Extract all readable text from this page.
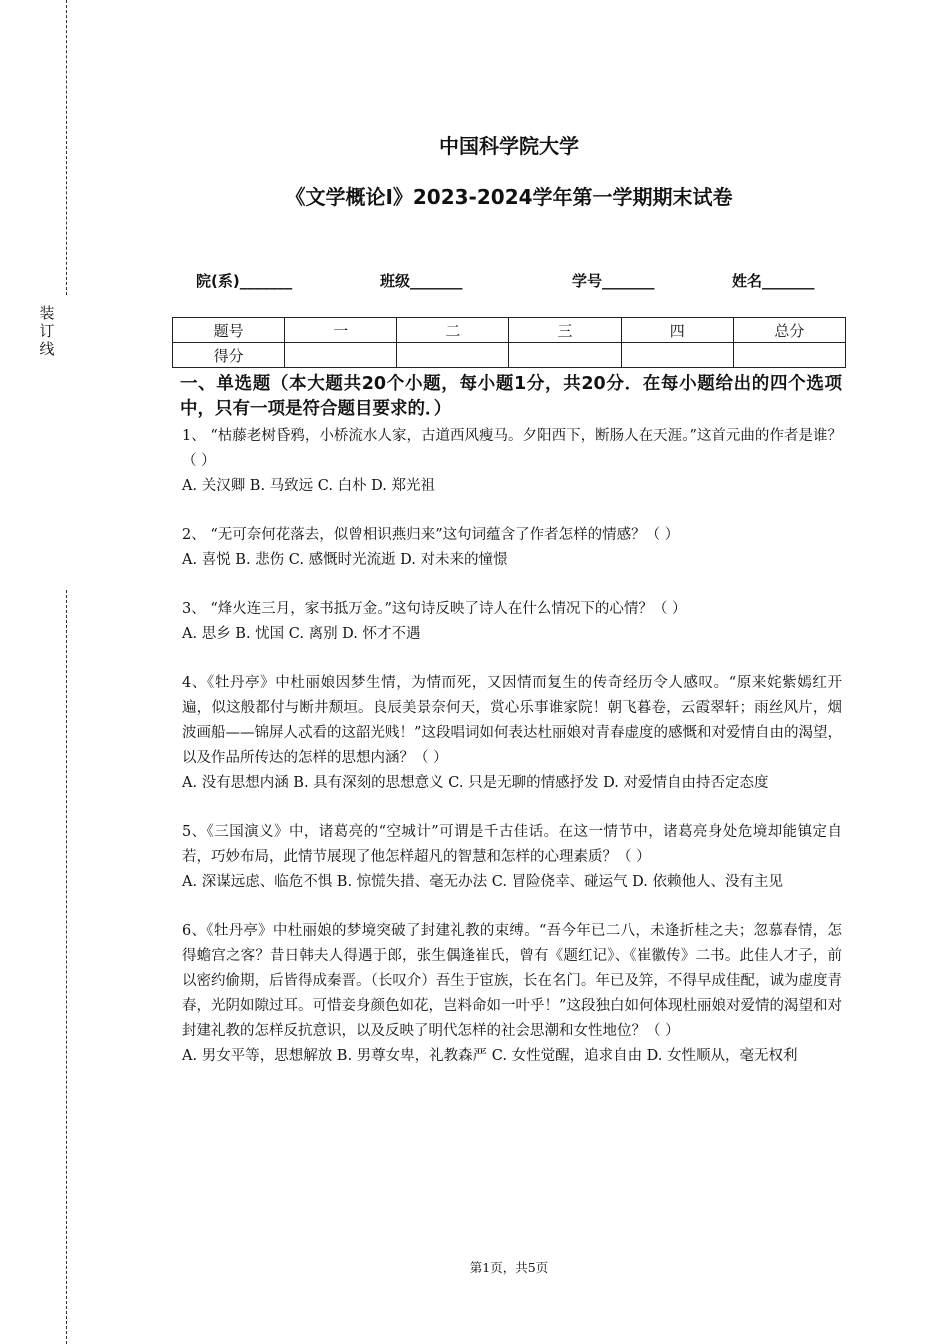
装
订
线
中国科学院大学
《文学概论Ⅰ》2023-2024学年第一学期期末试卷
院(系)_______	班级_______	学号_______	姓名_______
题号	一	二	三	四	总分
得分					
一、单选题（本大题共20个小题，每小题1分，共20分．在每小题给出的四个选项中，只有一项是符合题目要求的．）

1、 “枯藤老树昏鸦，小桥流水人家，古道西风瘦马。夕阳西下，断肠人在天涯。”这首元曲的作者是谁？（ ）

A. 关汉卿 B. 马致远 C. 白朴 D. 郑光祖

2、 “无可奈何花落去，似曾相识燕归来”这句词蕴含了作者怎样的情感？（ ）

A. 喜悦 B. 悲伤 C. 感慨时光流逝 D. 对未来的憧憬

3、 “烽火连三月，家书抵万金。”这句诗反映了诗人在什么情况下的心情？（ ）

A. 思乡 B. 忧国 C. 离别 D. 怀才不遇

4、《牡丹亭》中杜丽娘因梦生情，为情而死，又因情而复生的传奇经历令人感叹。“原来姹紫嫣红开遍，似这般都付与断井颓垣。良辰美景奈何天，赏心乐事谁家院！朝飞暮卷，云霞翠轩；雨丝风片，烟波画船——锦屏人忒看的这韶光贱！”这段唱词如何表达杜丽娘对青春虚度的感慨和对爱情自由的渴望，以及作品所传达的怎样的思想内涵？（ ）

A. 没有思想内涵 B. 具有深刻的思想意义 C. 只是无聊的情感抒发 D. 对爱情自由持否定态度

5、《三国演义》中，诸葛亮的“空城计”可谓是千古佳话。在这一情节中，诸葛亮身处危境却能镇定自若，巧妙布局，此情节展现了他怎样超凡的智慧和怎样的心理素质？（ ）

A. 深谋远虑、临危不惧 B. 惊慌失措、毫无办法 C. 冒险侥幸、碰运气 D. 依赖他人、没有主见

6、《牡丹亭》中杜丽娘的梦境突破了封建礼教的束缚。“吾今年已二八，未逢折桂之夫；忽慕春情，怎得蟾宫之客？昔日韩夫人得遇于郎，张生偶逢崔氏，曾有《题红记》、《崔徽传》二书。此佳人才子，前以密约偷期，后皆得成秦晋。（长叹介）吾生于宦族，长在名门。年已及笄，不得早成佳配，诚为虚度青春，光阴如隙过耳。可惜妾身颜色如花，岂料命如一叶乎！”这段独白如何体现杜丽娘对爱情的渴望和对封建礼教的怎样反抗意识，以及反映了明代怎样的社会思潮和女性地位？（ ）

A. 男女平等，思想解放 B. 男尊女卑，礼教森严 C. 女性觉醒，追求自由 D. 女性顺从，毫无权利

第1页，共5页
